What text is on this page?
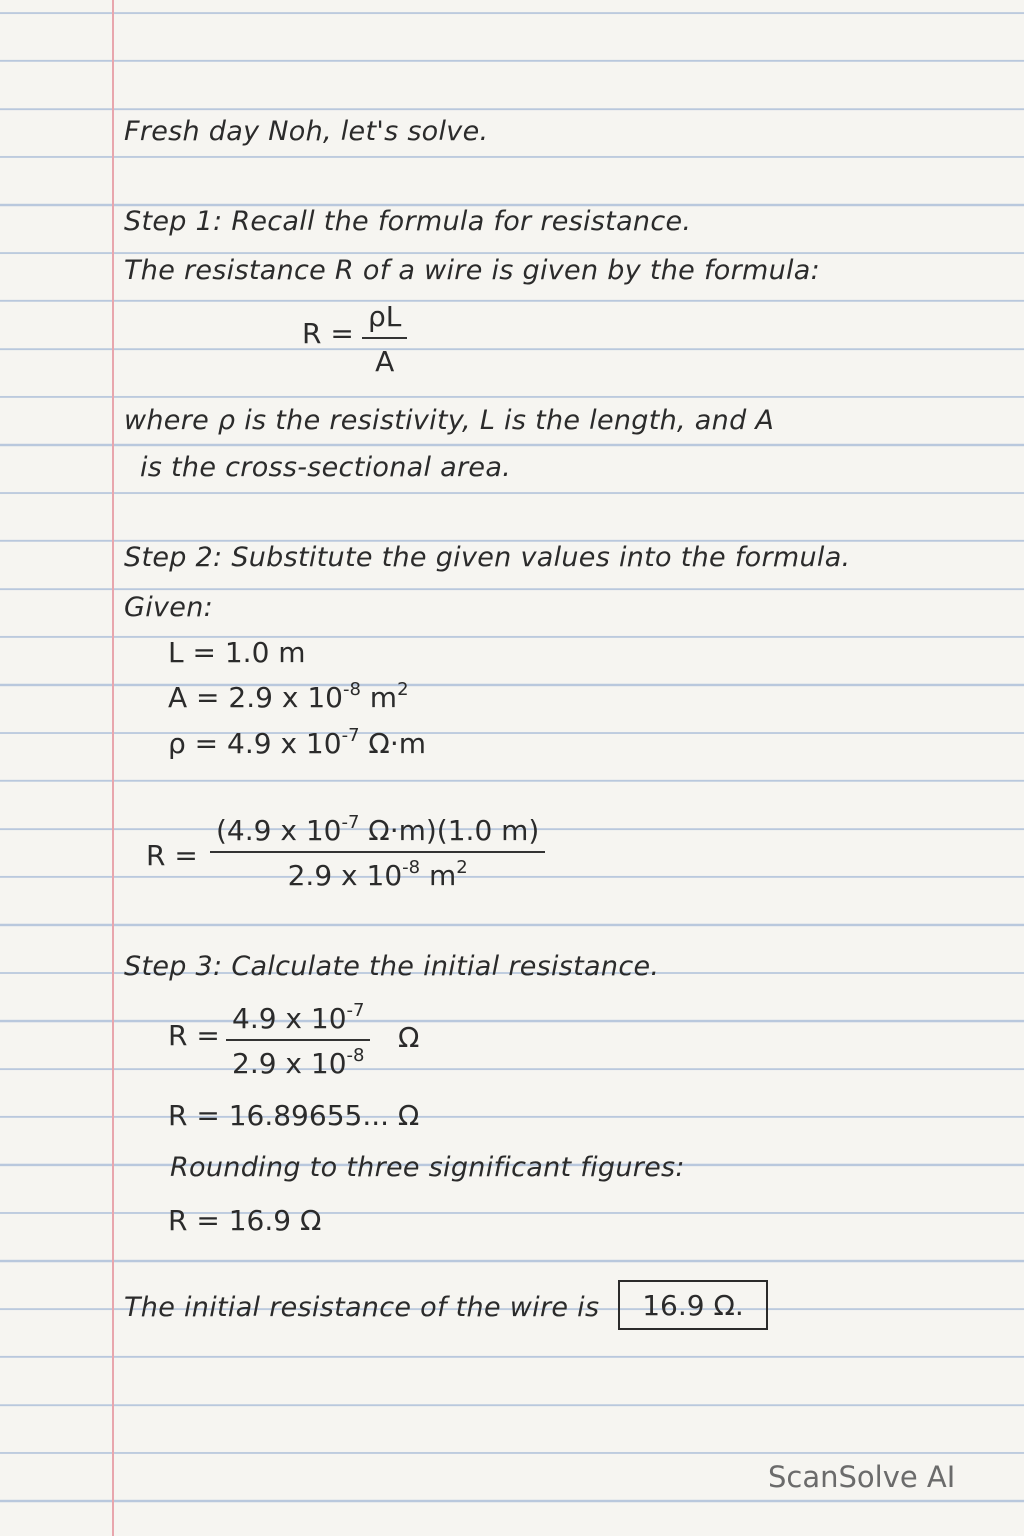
Fresh day Noh, let's solve.
Step 1: Recall the formula for resistance.
The resistance R of a wire is given by the formula:
$R = \frac{\rho L}{A}$
where ρ is the resistivity, L is the length, and A
is the cross-sectional area.
Step 2: Substitute the given values into the formula.
Given:
L = 1.0 m
A = 2.9 x $10^{-8}$ $m^2$
ρ = 4.9 x $10^{-7}$ Ω·m
$R = \frac{(4.9 x 10^{-7} \Omega\cdot m)(1.0 m)}{2.9 x 10^{-8} m^2}$
Step 3: Calculate the initial resistance.
$R = \frac{4.9 x 10^{-7}}{2.9 x 10^{-8}}$ Ω
R = 16.89655... Ω
Rounding to three significant figures:
R = 16.9 Ω
The initial resistance of the wire is 16.9 Ω.
ScanSolve AI
